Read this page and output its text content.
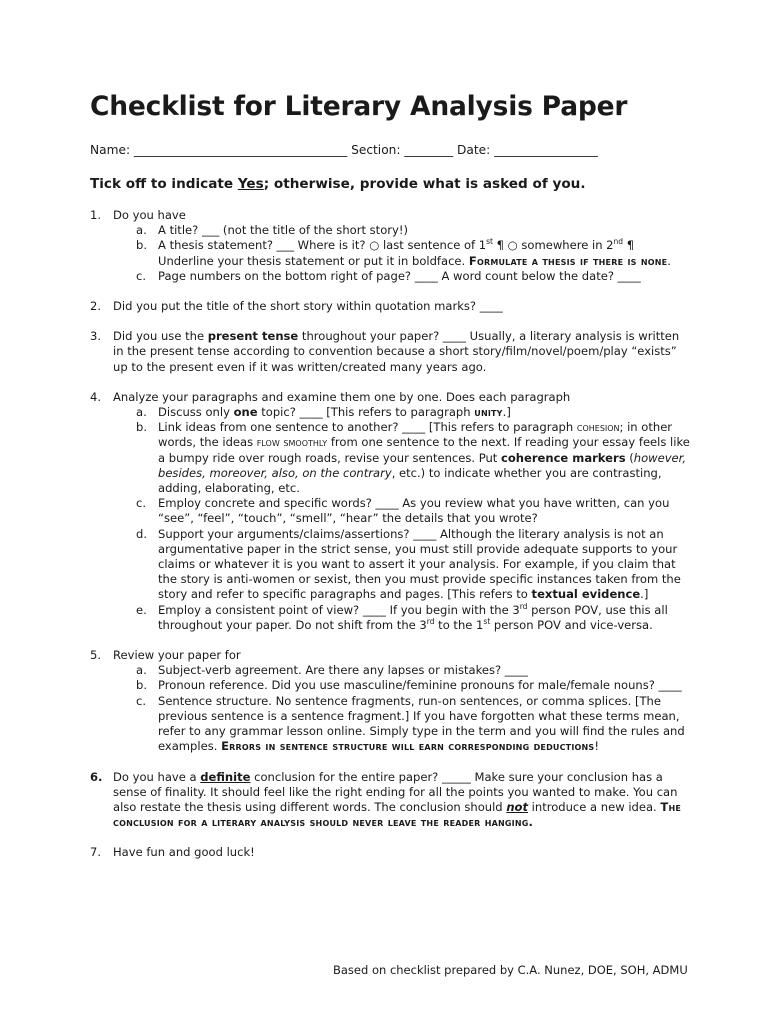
Checklist for Literary Analysis Paper
Name: ___________________________________ Section: ________ Date: _________________
Tick off to indicate Yes; otherwise, provide what is asked of you.
1. Do you have
a. A title? ___ (not the title of the short story!)
b. A thesis statement? ___ Where is it? ○ last sentence of 1st ¶ ○ somewhere in 2nd ¶
Underline your thesis statement or put it in boldface. Formulate a thesis if there is none.
c. Page numbers on the bottom right of page? ____ A word count below the date? ____
2. Did you put the title of the short story within quotation marks? ____
3. Did you use the present tense throughout your paper? ____ Usually, a literary analysis is written in the present tense according to convention because a short story/film/novel/poem/play “exists” up to the present even if it was written/created many years ago.
4. Analyze your paragraphs and examine them one by one. Does each paragraph
a. Discuss only one topic? ____ [This refers to paragraph unity.]
b. Link ideas from one sentence to another? ____ [This refers to paragraph cohesion; in other words, the ideas flow smoothly from one sentence to the next. If reading your essay feels like a bumpy ride over rough roads, revise your sentences. Put coherence markers (however, besides, moreover, also, on the contrary, etc.) to indicate whether you are contrasting, adding, elaborating, etc.
c. Employ concrete and specific words? ____ As you review what you have written, can you “see”, “feel”, “touch”, “smell”, “hear” the details that you wrote?
d. Support your arguments/claims/assertions? ____ Although the literary analysis is not an argumentative paper in the strict sense, you must still provide adequate supports to your claims or whatever it is you want to assert it your analysis. For example, if you claim that the story is anti-women or sexist, then you must provide specific instances taken from the story and refer to specific paragraphs and pages. [This refers to textual evidence.]
e. Employ a consistent point of view? ____ If you begin with the 3rd person POV, use this all throughout your paper. Do not shift from the 3rd to the 1st person POV and vice-versa.
5. Review your paper for
a. Subject-verb agreement. Are there any lapses or mistakes? ____
b. Pronoun reference. Did you use masculine/feminine pronouns for male/female nouns? ____
c. Sentence structure. No sentence fragments, run-on sentences, or comma splices. [The previous sentence is a sentence fragment.] If you have forgotten what these terms mean, refer to any grammar lesson online. Simply type in the term and you will find the rules and examples. Errors in sentence structure will earn corresponding deductions!
6. Do you have a definite conclusion for the entire paper? _____ Make sure your conclusion has a sense of finality. It should feel like the right ending for all the points you wanted to make. You can also restate the thesis using different words. The conclusion should not introduce a new idea. The conclusion for a literary analysis should never leave the reader hanging.
7. Have fun and good luck!
Based on checklist prepared by C.A. Nunez, DOE, SOH, ADMU
